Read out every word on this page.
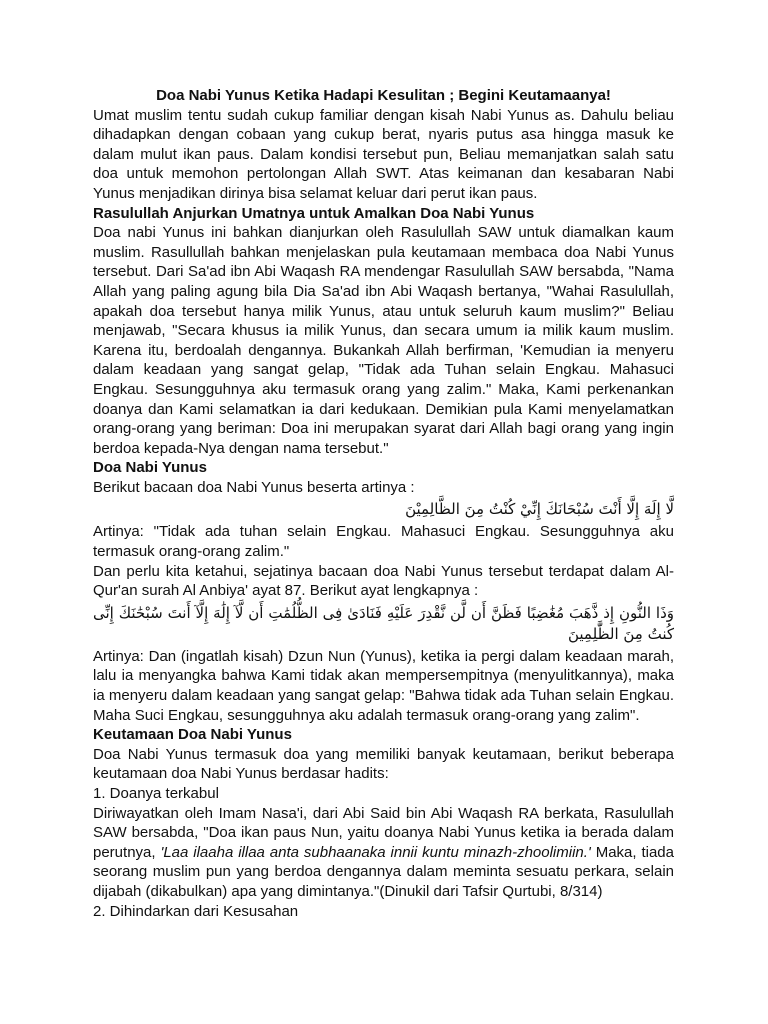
Doa Nabi Yunus Ketika Hadapi Kesulitan ; Begini Keutamaanya!

Umat muslim tentu sudah cukup familiar dengan kisah Nabi Yunus as. Dahulu beliau dihadapkan dengan cobaan yang cukup berat, nyaris putus asa hingga masuk ke dalam mulut ikan paus. Dalam kondisi tersebut pun, Beliau memanjatkan salah satu doa untuk memohon pertolongan Allah SWT. Atas keimanan dan kesabaran Nabi Yunus menjadikan dirinya bisa selamat keluar dari perut ikan paus.

Rasulullah Anjurkan Umatnya untuk Amalkan Doa Nabi Yunus

Doa nabi Yunus ini bahkan dianjurkan oleh Rasulullah SAW untuk diamalkan kaum muslim. Rasullullah bahkan menjelaskan pula keutamaan membaca doa Nabi Yunus tersebut. Dari Sa'ad ibn Abi Waqash RA mendengar Rasulullah SAW bersabda, "Nama Allah yang paling agung bila Dia Sa'ad ibn Abi Waqash bertanya, "Wahai Rasulullah, apakah doa tersebut hanya milik Yunus, atau untuk seluruh kaum muslim?" Beliau menjawab, "Secara khusus ia milik Yunus, dan secara umum ia milik kaum muslim. Karena itu, berdoalah dengannya. Bukankah Allah berfirman, 'Kemudian ia menyeru dalam keadaan yang sangat gelap, "Tidak ada Tuhan selain Engkau. Mahasuci Engkau. Sesungguhnya aku termasuk orang yang zalim." Maka, Kami perkenankan doanya dan Kami selamatkan ia dari kedukaan. Demikian pula Kami menyelamatkan orang-orang yang beriman: Doa ini merupakan syarat dari Allah bagi orang yang ingin berdoa kepada-Nya dengan nama tersebut."

Doa Nabi Yunus

Berikut bacaan doa Nabi Yunus beserta artinya :

لَّا إِلَهَ إِلَّا أَنْتَ سُبْحَانَكَ إِنِّيْ كُنْتُ مِنَ الظَّالِمِيْنَ

Artinya: "Tidak ada tuhan selain Engkau. Mahasuci Engkau. Sesungguhnya aku termasuk orang-orang zalim."

Dan perlu kita ketahui, sejatinya bacaan doa Nabi Yunus tersebut terdapat dalam Al-Qur'an surah Al Anbiya' ayat 87. Berikut ayat lengkapnya :

وَذَا النُّونِ إِذ ذَّهَبَ مُغَٰضِبًا فَظَنَّ أَن لَّن نَّقْدِرَ عَلَيْهِ فَنَادَىٰ فِى الظُّلُمَٰتِ أَن لَّآ إِلَٰهَ إِلَّآ أَنتَ سُبْحَٰنَكَ إِنِّى كُنتُ مِنَ الظَّٰلِمِينَ

Artinya: Dan (ingatlah kisah) Dzun Nun (Yunus), ketika ia pergi dalam keadaan marah, lalu ia menyangka bahwa Kami tidak akan mempersempitnya (menyulitkannya), maka ia menyeru dalam keadaan yang sangat gelap: "Bahwa tidak ada Tuhan selain Engkau. Maha Suci Engkau, sesungguhnya aku adalah termasuk orang-orang yang zalim".

Keutamaan Doa Nabi Yunus

Doa Nabi Yunus termasuk doa yang memiliki banyak keutamaan, berikut beberapa keutamaan doa Nabi Yunus berdasar hadits:

1. Doanya terkabul

Diriwayatkan oleh Imam Nasa'i, dari Abi Said bin Abi Waqash RA berkata, Rasulullah SAW bersabda, "Doa ikan paus Nun, yaitu doanya Nabi Yunus ketika ia berada dalam perutnya, 'Laa ilaaha illaa anta subhaanaka innii kuntu minazh-zhoolimiin.' Maka, tiada seorang muslim pun yang berdoa dengannya dalam meminta sesuatu perkara, selain dijabah (dikabulkan) apa yang dimintanya."(Dinukil dari Tafsir Qurtubi, 8/314)

2. Dihindarkan dari Kesusahan
